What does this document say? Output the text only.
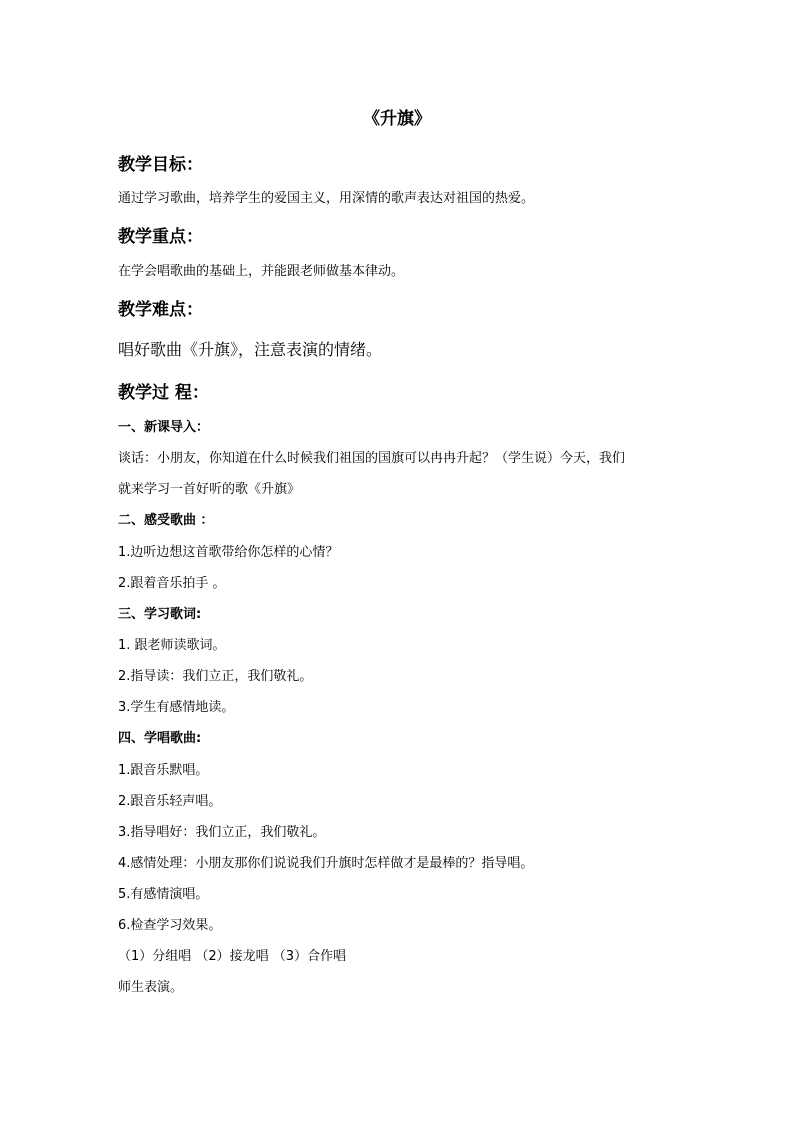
《升旗》
教学目标：
通过学习歌曲，培养学生的爱国主义，用深情的歌声表达对祖国的热爱。
教学重点：
在学会唱歌曲的基础上，并能跟老师做基本律动。
教学难点：
唱好歌曲《升旗》，注意表演的情绪。
教学过 程：
一、新课导入：
谈话：小朋友，你知道在什么时候我们祖国的国旗可以冉冉升起？（学生说）今天，我们
就来学习一首好听的歌《升旗》
二、感受歌曲 ：
1.边听边想这首歌带给你怎样的心情？
2.跟着音乐拍手 。
三、学习歌词:
1. 跟老师读歌词。
2.指导读：我们立正，我们敬礼。
3.学生有感情地读。
四、学唱歌曲:
1.跟音乐默唱。
2.跟音乐轻声唱。
3.指导唱好：我们立正，我们敬礼。
4.感情处理：小朋友那你们说说我们升旗时怎样做才是最棒的？指导唱。
5.有感情演唱。
6.检查学习效果。
（1）分组唱 （2）接龙唱 （3）合作唱
师生表演。
